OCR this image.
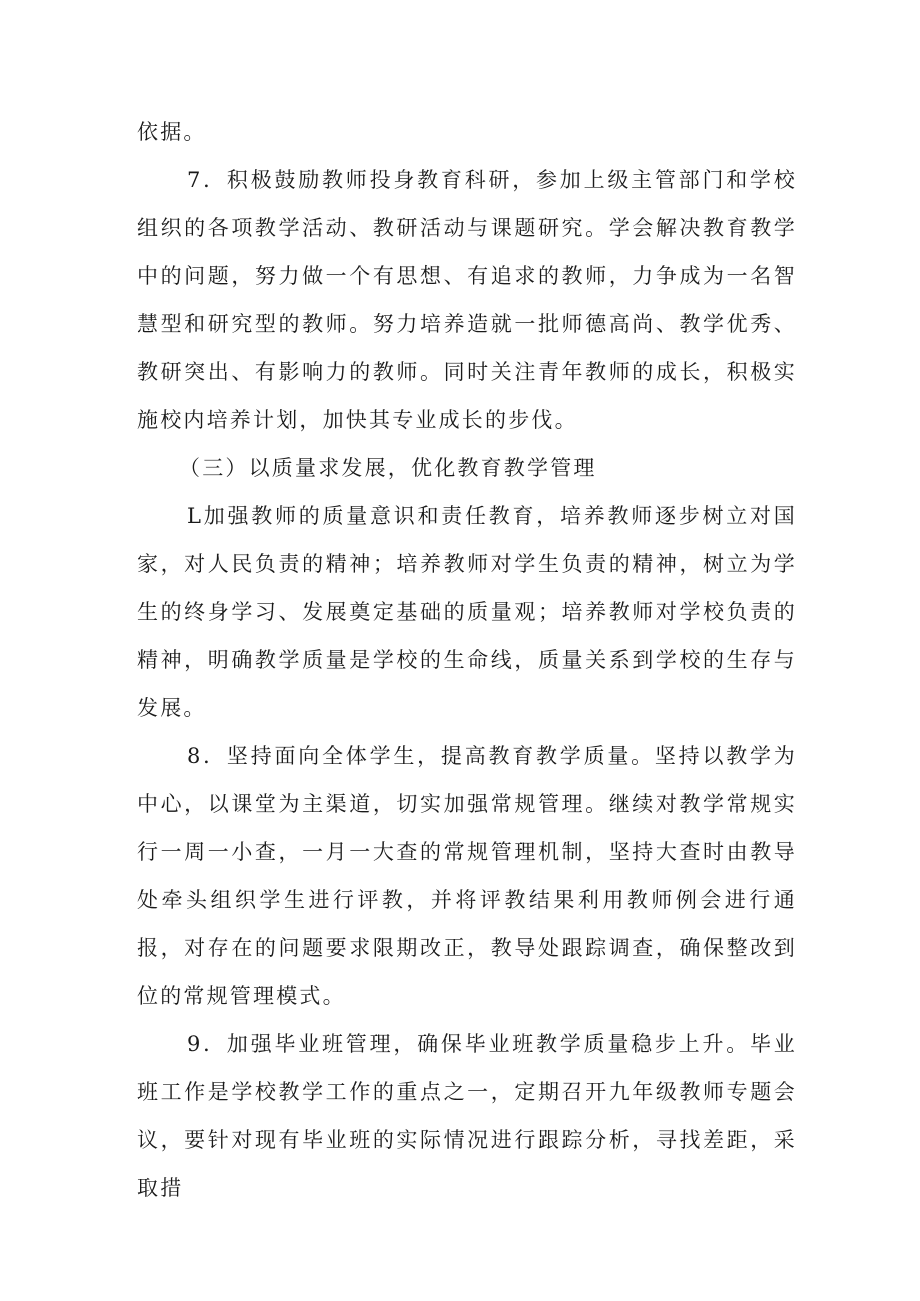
依据。

7．积极鼓励教师投身教育科研，参加上级主管部门和学校组织的各项教学活动、教研活动与课题研究。学会解决教育教学中的问题，努力做一个有思想、有追求的教师，力争成为一名智慧型和研究型的教师。努力培养造就一批师德高尚、教学优秀、教研突出、有影响力的教师。同时关注青年教师的成长，积极实施校内培养计划，加快其专业成长的步伐。

（三）以质量求发展，优化教育教学管理

L加强教师的质量意识和责任教育，培养教师逐步树立对国家，对人民负责的精神；培养教师对学生负责的精神，树立为学生的终身学习、发展奠定基础的质量观；培养教师对学校负责的精神，明确教学质量是学校的生命线，质量关系到学校的生存与发展。

8．坚持面向全体学生，提高教育教学质量。坚持以教学为中心，以课堂为主渠道，切实加强常规管理。继续对教学常规实行一周一小查，一月一大查的常规管理机制，坚持大查时由教导处牵头组织学生进行评教，并将评教结果利用教师例会进行通报，对存在的问题要求限期改正，教导处跟踪调查，确保整改到位的常规管理模式。

9．加强毕业班管理，确保毕业班教学质量稳步上升。毕业班工作是学校教学工作的重点之一，定期召开九年级教师专题会议，要针对现有毕业班的实际情况进行跟踪分析，寻找差距，采取措
